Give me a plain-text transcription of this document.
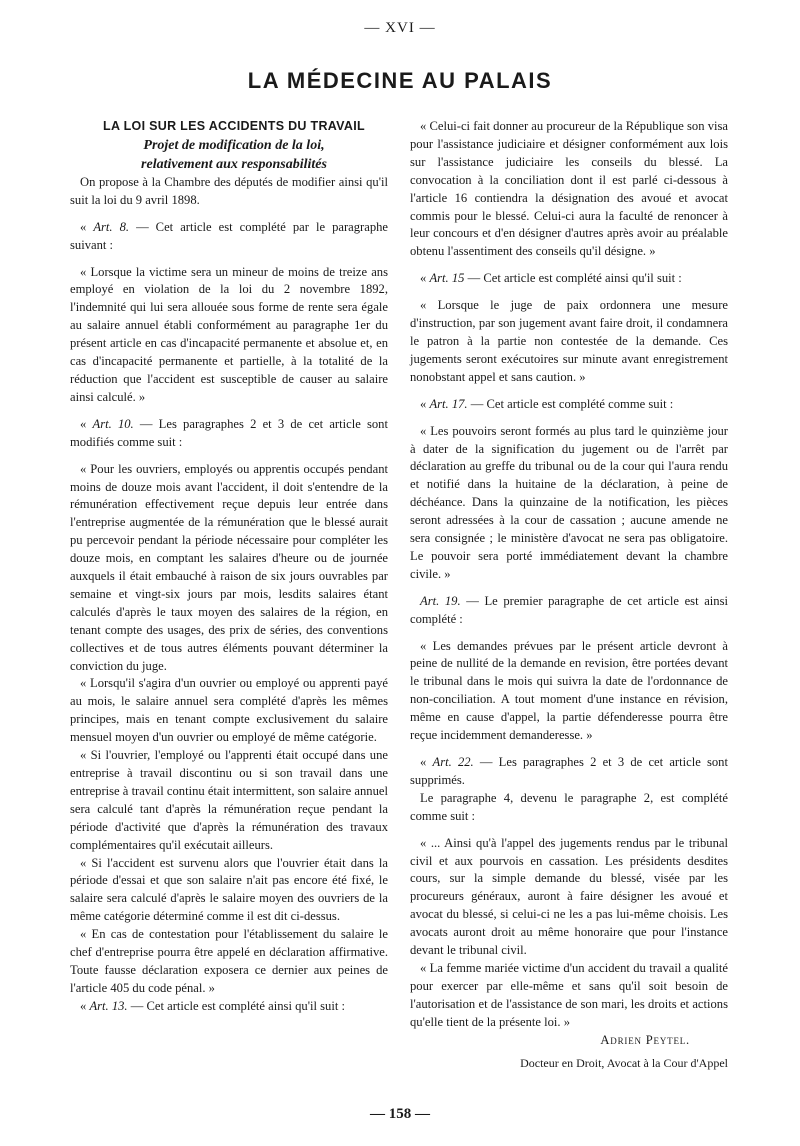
— XVI —
LA MÉDECINE AU PALAIS

LA LOI SUR LES ACCIDENTS DU TRAVAIL

Projet de modification de la loi,
relativement aux responsabilités

On propose à la Chambre des députés de modifier ainsi qu'il suit la loi du 9 avril 1898.

« Art. 8. — Cet article est complété par le paragraphe suivant :

« Lorsque la victime sera un mineur de moins de treize ans employé en violation de la loi du 2 novembre 1892, l'indemnité qui lui sera allouée sous forme de rente sera égale au salaire annuel établi conformément au paragraphe 1er du présent article en cas d'incapacité permanente et absolue et, en cas d'incapacité permanente et partielle, à la totalité de la réduction que l'accident est susceptible de causer au salaire ainsi calculé. »

« Art. 10. — Les paragraphes 2 et 3 de cet article sont modifiés comme suit :

« Pour les ouvriers, employés ou apprentis occupés pendant moins de douze mois avant l'accident, il doit s'entendre de la rémunération effectivement reçue depuis leur entrée dans l'entreprise augmentée de la rémunération que le blessé aurait pu percevoir pendant la période nécessaire pour compléter les douze mois, en comptant les salaires d'heure ou de journée auxquels il était embauché à raison de six jours ouvrables par semaine et vingt-six jours par mois, lesdits salaires étant calculés d'après le taux moyen des salaires de la région, en tenant compte des usages, des prix de séries, des conventions collectives et de tous autres éléments pouvant déterminer la conviction du juge.

« Lorsqu'il s'agira d'un ouvrier ou employé ou apprenti payé au mois, le salaire annuel sera complété d'après les mêmes principes, mais en tenant compte exclusivement du salaire mensuel moyen d'un ouvrier ou employé de même catégorie.

« Si l'ouvrier, l'employé ou l'apprenti était occupé dans une entreprise à travail discontinu ou si son travail dans une entreprise à travail continu était intermittent, son salaire annuel sera calculé tant d'après la rémunération reçue pendant la période d'activité que d'après la rémunération des travaux complémentaires qu'il exécutait ailleurs.

« Si l'accident est survenu alors que l'ouvrier était dans la période d'essai et que son salaire n'ait pas encore été fixé, le salaire sera calculé d'après le salaire moyen des ouvriers de la même catégorie déterminé comme il est dit ci-dessus.

« En cas de contestation pour l'établissement du salaire le chef d'entreprise pourra être appelé en déclaration affirmative. Toute fausse déclaration exposera ce dernier aux peines de l'article 405 du code pénal. »

« Art. 13. — Cet article est complété ainsi qu'il suit :

« Celui-ci fait donner au procureur de la République son visa pour l'assistance judiciaire et désigner conformément aux lois sur l'assistance judiciaire les conseils du blessé. La convocation à la conciliation dont il est parlé ci-dessous à l'article 16 contiendra la désignation des avoué et avocat commis pour le blessé. Celui-ci aura la faculté de renoncer à leur concours et d'en désigner d'autres après avoir au préalable obtenu l'assentiment des conseils qu'il désigne. »

« Art. 15 — Cet article est complété ainsi qu'il suit :

« Lorsque le juge de paix ordonnera une mesure d'instruction, par son jugement avant faire droit, il condamnera le patron à la partie non contestée de la demande. Ces jugements seront exécutoires sur minute avant enregistrement nonobstant appel et sans caution. »

« Art. 17. — Cet article est complété comme suit :

« Les pouvoirs seront formés au plus tard le quinzième jour à dater de la signification du jugement ou de l'arrêt par déclaration au greffe du tribunal ou de la cour qui l'aura rendu et notifié dans la huitaine de la déclaration, à peine de déchéance. Dans la quinzaine de la notification, les pièces seront adressées à la cour de cassation ; aucune amende ne sera consignée ; le ministère d'avocat ne sera pas obligatoire. Le pouvoir sera porté immédiatement devant la chambre civile. »

Art. 19. — Le premier paragraphe de cet article est ainsi complété :

« Les demandes prévues par le présent article devront à peine de nullité de la demande en revision, être portées devant le tribunal dans le mois qui suivra la date de l'ordonnance de non-conciliation. A tout moment d'une instance en révision, même en cause d'appel, la partie défenderesse pourra être reçue incidemment demanderesse. »

« Art. 22. — Les paragraphes 2 et 3 de cet article sont supprimés.

Le paragraphe 4, devenu le paragraphe 2, est complété comme suit :

« ... Ainsi qu'à l'appel des jugements rendus par le tribunal civil et aux pourvois en cassation. Les présidents desdites cours, sur la simple demande du blessé, visée par les procureurs généraux, auront à faire désigner les avoué et avocat du blessé, si celui-ci ne les a pas lui-même choisis. Les avocats auront droit au même honoraire que pour l'instance devant le tribunal civil.

« La femme mariée victime d'un accident du travail a qualité pour exercer par elle-même et sans qu'il soit besoin de l'autorisation et de l'assistance de son mari, les droits et actions qu'elle tient de la présente loi. »

Adrien Peytel.
Docteur en Droit, Avocat à la Cour d'Appel

— 158 —
